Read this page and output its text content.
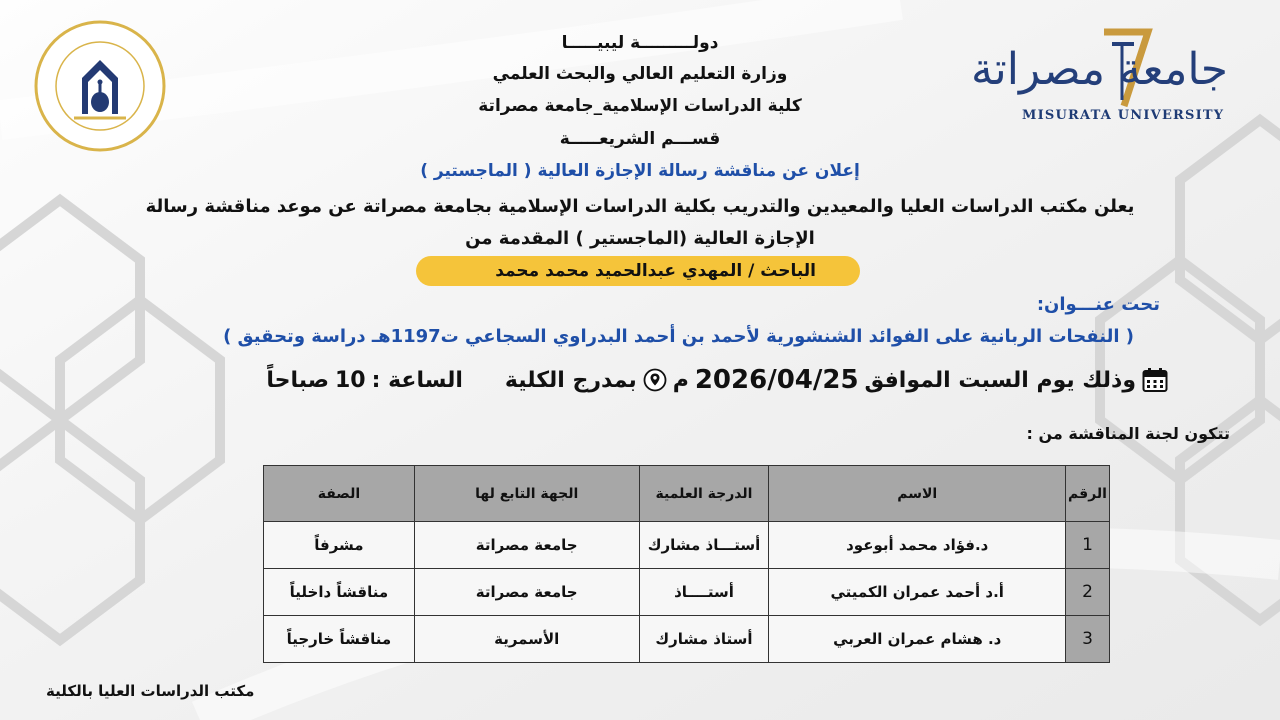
جامعة مصراتة
MISURATA UNIVERSITY
دولـــــــــة ليبيـــــا
وزارة التعليم العالي والبحث العلمي
كلية الدراسات الإسلامية_جامعة مصراتة
قســـم الشريعـــــة
إعلان عن مناقشة رسالة الإجازة العالية ( الماجستير )
يعلن مكتب الدراسات العليا والمعيدين والتدريب بكلية الدراسات الإسلامية بجامعة مصراتة عن موعد مناقشة رسالة
الإجازة العالية (الماجستير ) المقدمة من
الباحث / المهدي عبدالحميد محمد محمد
تحت عنـــوان:
( النفحات الربانية على الفوائد الشنشورية لأحمد بن أحمد البدراوي السجاعي ت1197هـ دراسة وتحقيق )
وذلك يوم السبت الموافق
2026/04/25
م
بمدرج الكلية
الساعة :
10
صباحاً
تتكون لجنة المناقشة من :
الرقم	الاسم	الدرجة العلمية	الجهة التابع لها	الصفة
1	د.فؤاد محمد أبوعود	أستـــاذ مشارك	جامعة مصراتة	مشرفاً
2	أ.د أحمد عمران الكميتي	أستــــاذ	جامعة مصراتة	مناقشاً داخلياً
3	د. هشام عمران العربي	أستاذ مشارك	الأسمرية	مناقشاً خارجياً
مكتب الدراسات العليا بالكلية
